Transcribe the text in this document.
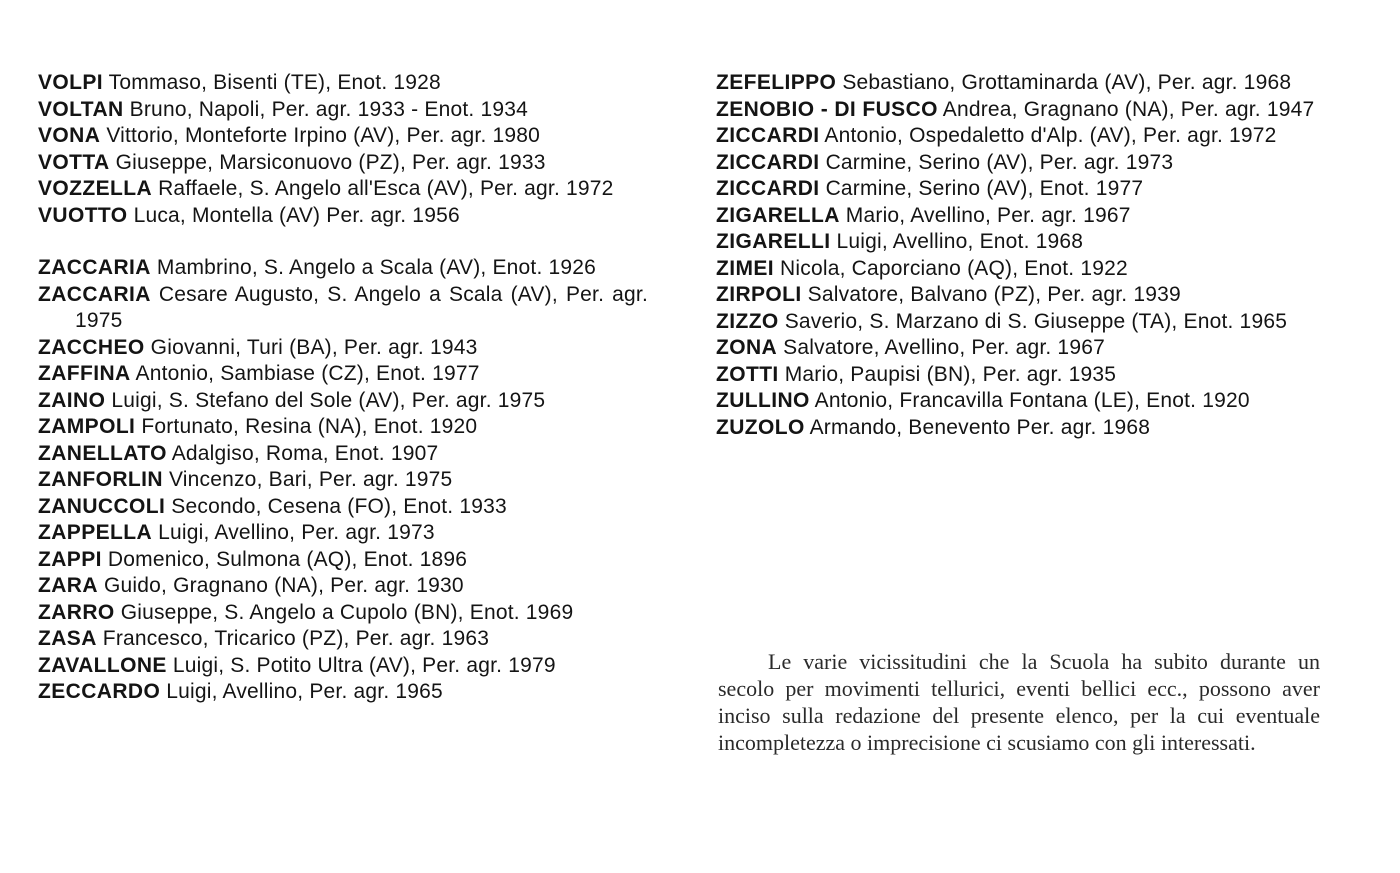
VOLPI Tommaso, Bisenti (TE), Enot. 1928
VOLTAN Bruno, Napoli, Per. agr. 1933 - Enot. 1934
VONA Vittorio, Monteforte Irpino (AV), Per. agr. 1980
VOTTA Giuseppe, Marsiconuovo (PZ), Per. agr. 1933
VOZZELLA Raffaele, S. Angelo all'Esca (AV), Per. agr. 1972
VUOTTO Luca, Montella (AV) Per. agr. 1956
ZACCARIA Mambrino, S. Angelo a Scala (AV), Enot. 1926
ZACCARIA Cesare Augusto, S. Angelo a Scala (AV), Per. agr. 1975
ZACCHEO Giovanni, Turi (BA), Per. agr. 1943
ZAFFINA Antonio, Sambiase (CZ), Enot. 1977
ZAINO Luigi, S. Stefano del Sole (AV), Per. agr. 1975
ZAMPOLI Fortunato, Resina (NA), Enot. 1920
ZANELLATO Adalgiso, Roma, Enot. 1907
ZANFORLIN Vincenzo, Bari, Per. agr. 1975
ZANUCCOLI Secondo, Cesena (FO), Enot. 1933
ZAPPELLA Luigi, Avellino, Per. agr. 1973
ZAPPI Domenico, Sulmona (AQ), Enot. 1896
ZARA Guido, Gragnano (NA), Per. agr. 1930
ZARRO Giuseppe, S. Angelo a Cupolo (BN), Enot. 1969
ZASA Francesco, Tricarico (PZ), Per. agr. 1963
ZAVALLONE Luigi, S. Potito Ultra (AV), Per. agr. 1979
ZECCARDO Luigi, Avellino, Per. agr. 1965
ZEFELIPPO Sebastiano, Grottaminarda (AV), Per. agr. 1968
ZENOBIO - DI FUSCO Andrea, Gragnano (NA), Per. agr. 1947
ZICCARDI Antonio, Ospedaletto d'Alp. (AV), Per. agr. 1972
ZICCARDI Carmine, Serino (AV), Per. agr. 1973
ZICCARDI Carmine, Serino (AV), Enot. 1977
ZIGARELLA Mario, Avellino, Per. agr. 1967
ZIGARELLI Luigi, Avellino, Enot. 1968
ZIMEI Nicola, Caporciano (AQ), Enot. 1922
ZIRPOLI Salvatore, Balvano (PZ), Per. agr. 1939
ZIZZO Saverio, S. Marzano di S. Giuseppe (TA), Enot. 1965
ZONA Salvatore, Avellino, Per. agr. 1967
ZOTTI Mario, Paupisi (BN), Per. agr. 1935
ZULLINO Antonio, Francavilla Fontana (LE), Enot. 1920
ZUZOLO Armando, Benevento Per. agr. 1968

Le varie vicissitudini che la Scuola ha subito durante un secolo per movimenti tellurici, eventi bellici ecc., possono aver inciso sulla redazione del presente elenco, per la cui eventuale incompletezza o imprecisione ci scusiamo con gli interessati.
